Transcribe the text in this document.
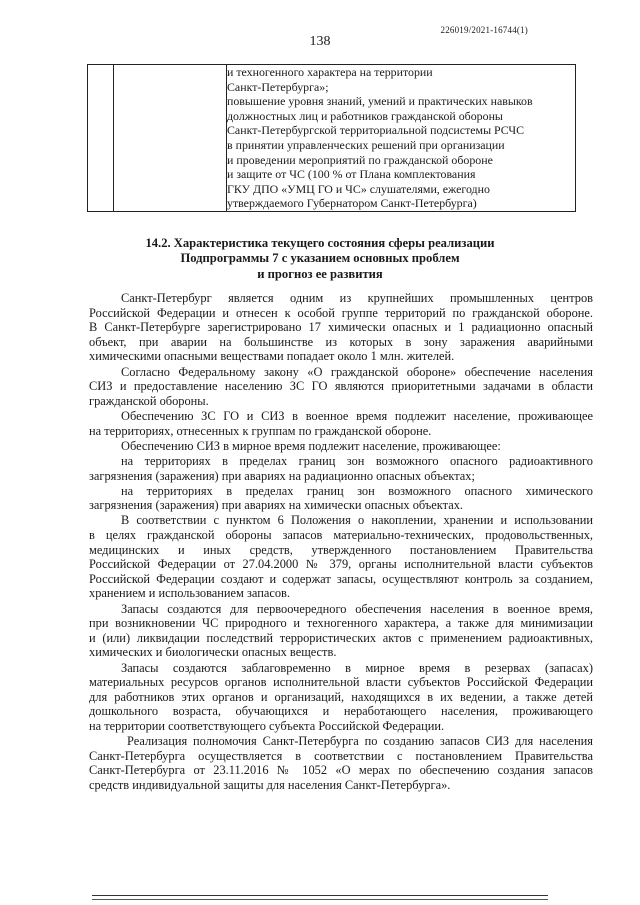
226019/2021-16744(1)
138

и техногенного характера на территории
Санкт-Петербурга»;
повышение уровня знаний, умений и практических навыков
должностных лиц и работников гражданской обороны
Санкт-Петербургской территориальной подсистемы РСЧС
в принятии управленческих решений при организации
и проведении мероприятий по гражданской обороне
и защите от ЧС (100 % от Плана комплектования
ГКУ ДПО «УМЦ ГО и ЧС» слушателями, ежегодно
утверждаемого Губернатором Санкт-Петербурга)
14.2. Характеристика текущего состояния сферы реализации
Подпрограммы 7 с указанием основных проблем
и прогноз ее развития

Санкт-Петербург является одним из крупнейших промышленных центров
Российской Федерации и отнесен к особой группе территорий по гражданской обороне.
В Санкт-Петербурге зарегистрировано 17 химически опасных и 1 радиационно опасный
объект, при аварии на большинстве из которых в зону заражения аварийными
химическими опасными веществами попадает около 1 млн. жителей.

Согласно Федеральному закону «О гражданской обороне» обеспечение населения
СИЗ и предоставление населению ЗС ГО являются приоритетными задачами в области
гражданской обороны.

Обеспечению ЗС ГО и СИЗ в военное время подлежит население, проживающее
на территориях, отнесенных к группам по гражданской обороне.

Обеспечению СИЗ в мирное время подлежит население, проживающее:

на территориях в пределах границ зон возможного опасного радиоактивного
загрязнения (заражения) при авариях на радиационно опасных объектах;

на территориях в пределах границ зон возможного опасного химического
загрязнения (заражения) при авариях на химически опасных объектах.

В соответствии с пунктом 6 Положения о накоплении, хранении и использовании
в целях гражданской обороны запасов материально-технических, продовольственных,
медицинских и иных средств, утвержденного постановлением Правительства
Российской Федерации от 27.04.2000 № 379, органы исполнительной власти субъектов
Российской Федерации создают и содержат запасы, осуществляют контроль за созданием,
хранением и использованием запасов.

Запасы создаются для первоочередного обеспечения населения в военное время,
при возникновении ЧС природного и техногенного характера, а также для минимизации
и (или) ликвидации последствий террористических актов с применением радиоактивных,
химических и биологически опасных веществ.

Запасы создаются заблаговременно в мирное время в резервах (запасах)
материальных ресурсов органов исполнительной власти субъектов Российской Федерации
для работников этих органов и организаций, находящихся в их ведении, а также детей
дошкольного возраста, обучающихся и неработающего населения, проживающего
на территории соответствующего субъекта Российской Федерации.

Реализация полномочия Санкт-Петербурга по созданию запасов СИЗ для населения
Санкт-Петербурга осуществляется в соответствии с постановлением Правительства
Санкт-Петербурга от 23.11.2016 № 1052 «О мерах по обеспечению создания запасов
средств индивидуальной защиты для населения Санкт-Петербурга».
